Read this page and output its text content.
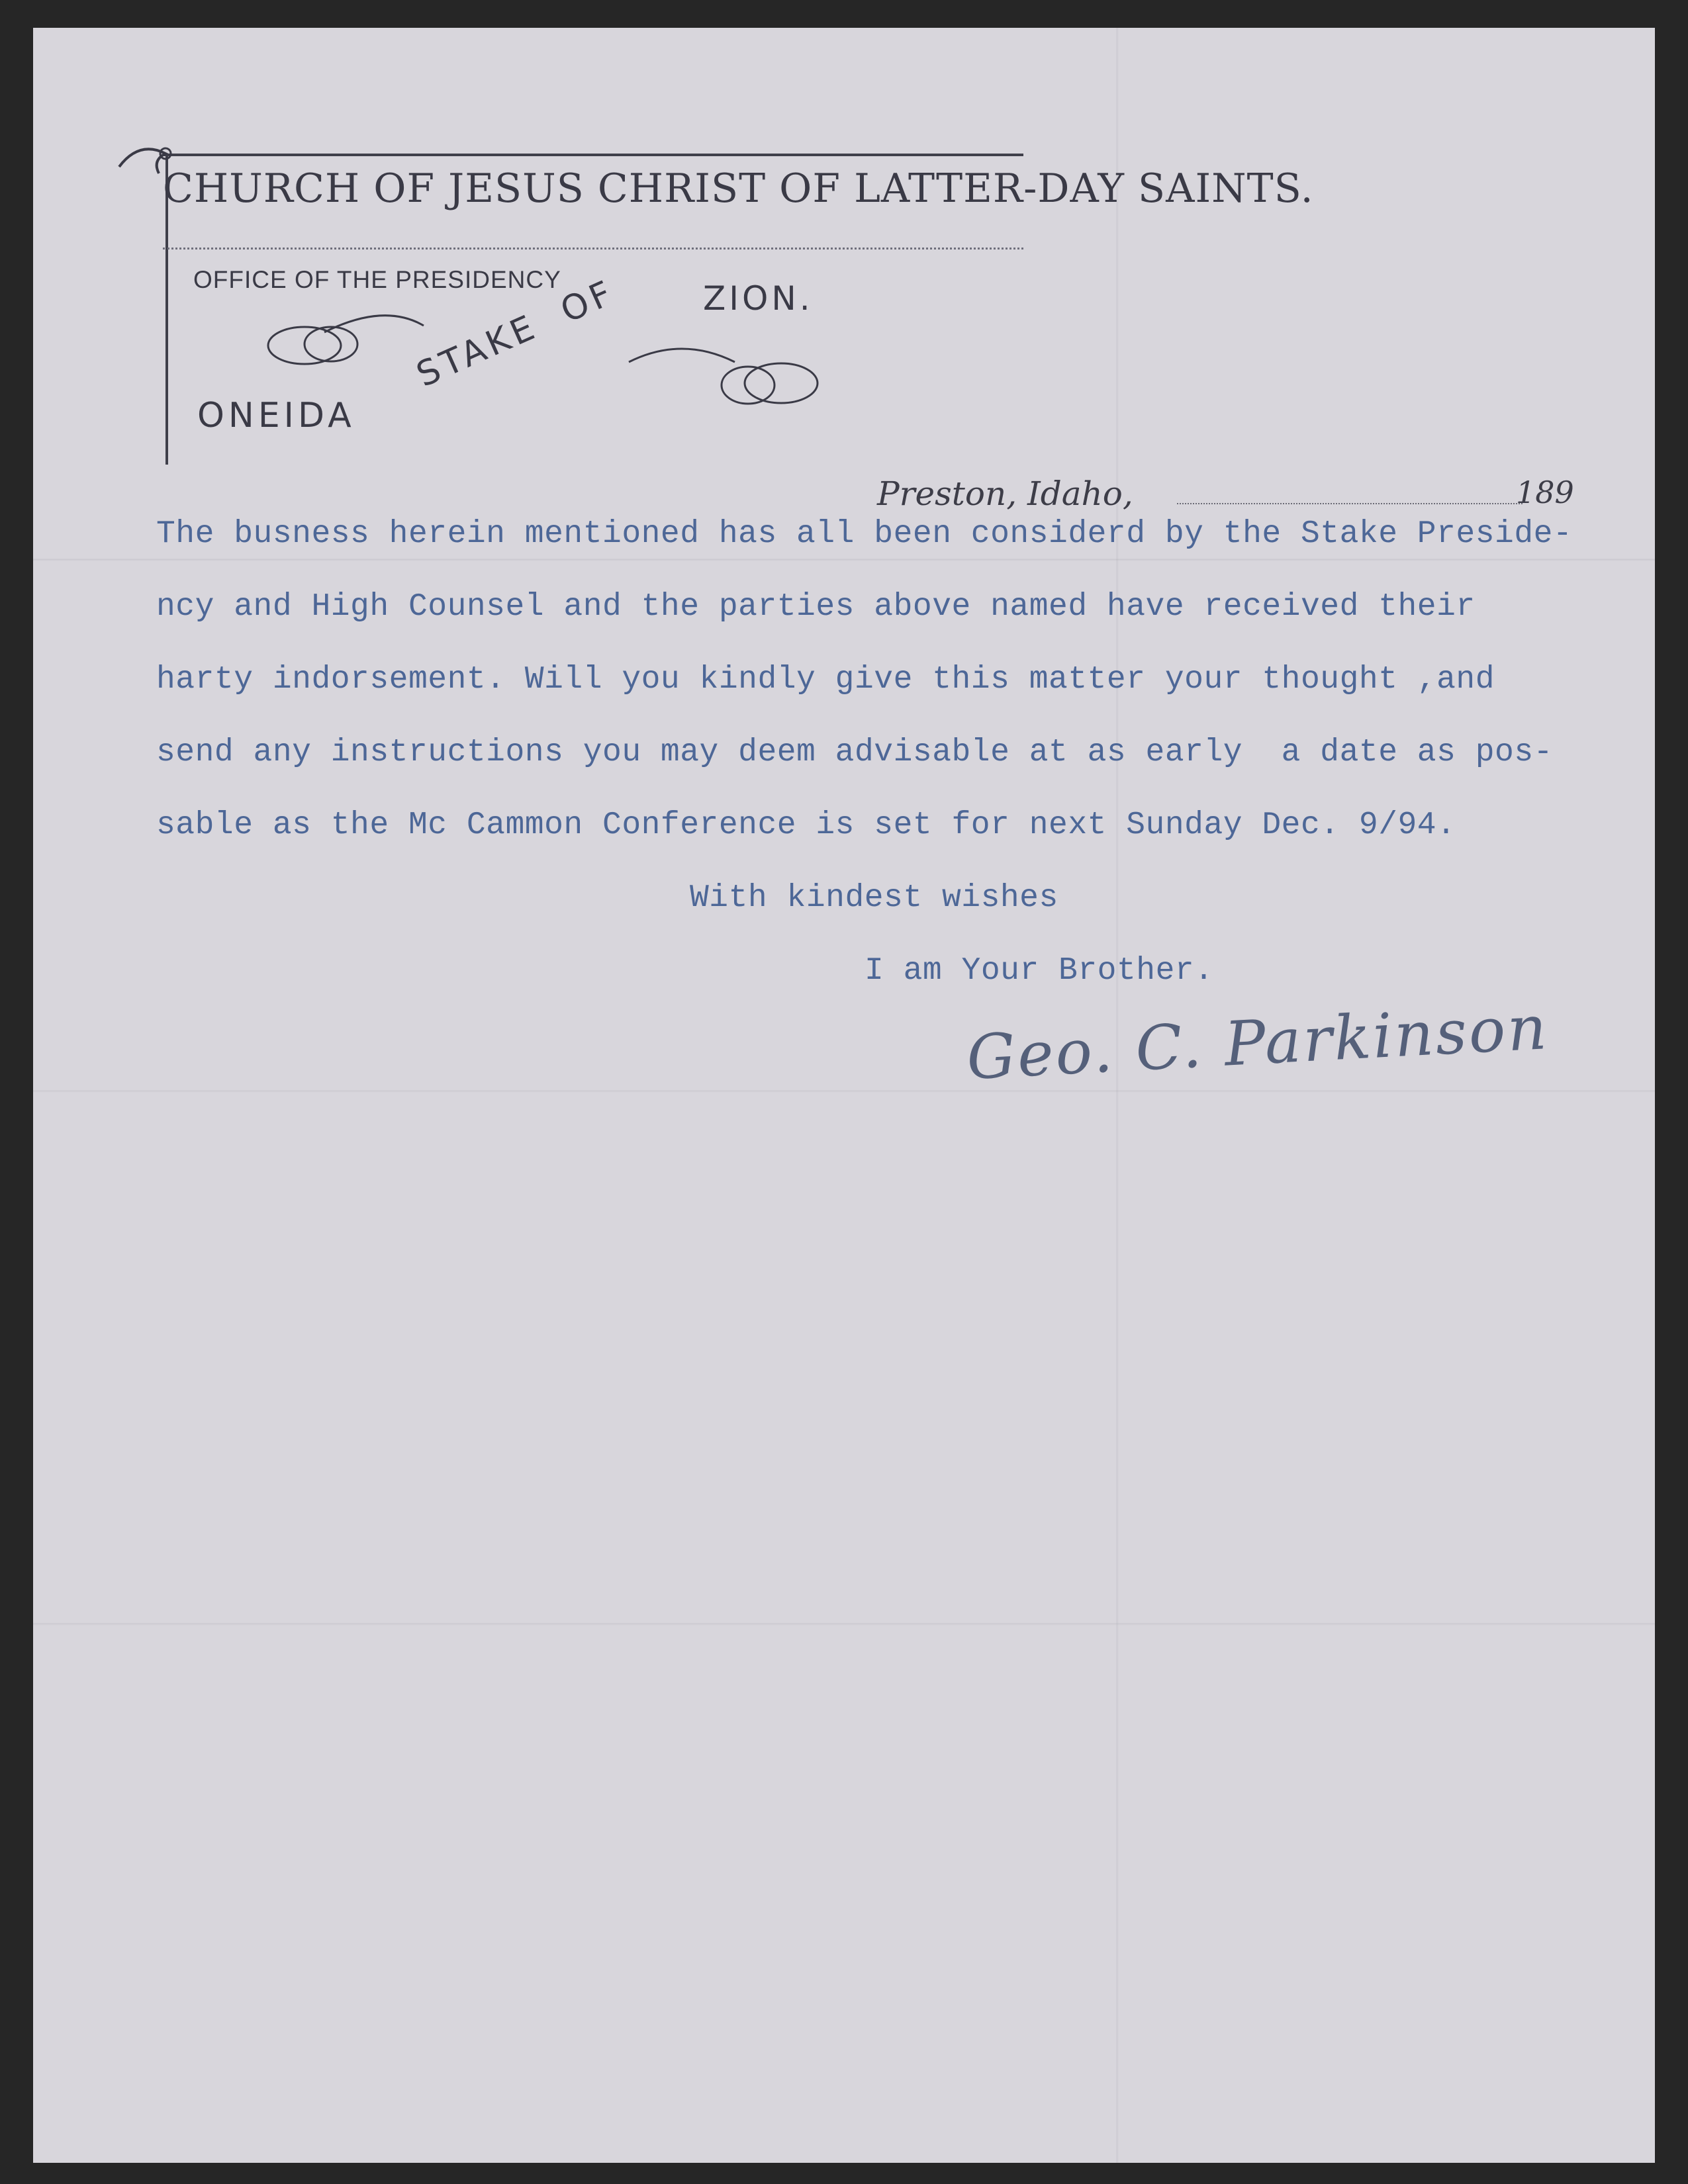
CHURCH OF JESUS CHRIST OF LATTER-DAY SAINTS.
OFFICE OF THE PRESIDENCY
ONEIDA
STAKE  OF ZION.
Preston, Idaho,	189
The busness herein mentioned has all been considerd by the Stake Preside-
ncy and High Counsel and the parties above named have received their
harty indorsement. Will you kindly give this matter your thought ,and
send any instructions you may deem advisable at as early  a date as pos-
sable as the Mc Cammon Conference is set for next Sunday Dec. 9/94.
With kindest wishes
I am Your Brother.
Geo. C. Parkinson
